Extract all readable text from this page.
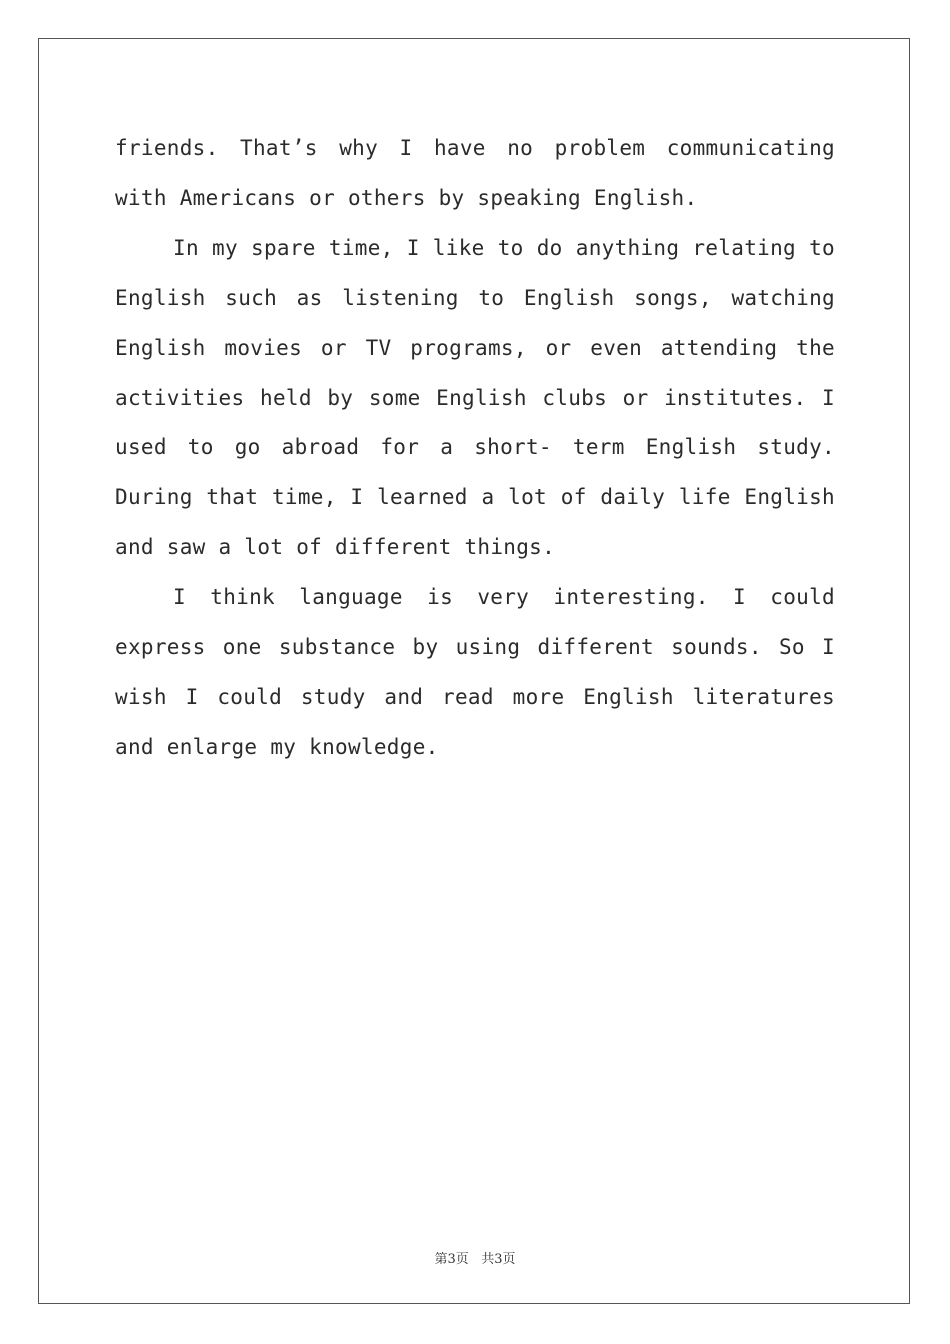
friends. That’s why I have no problem communicating with Americans or others by speaking English.

In my spare time, I like to do anything relating to English such as listening to English songs, watching English movies or TV programs, or even attending the activities held by some English clubs or institutes. I used to go abroad for a short- term English study. During that time, I learned a lot of daily life English and saw a lot of different things.

I think language is very interesting. I could express one substance by using different sounds. So I wish I could study and read more English literatures and enlarge my knowledge.

第3页 共3页
